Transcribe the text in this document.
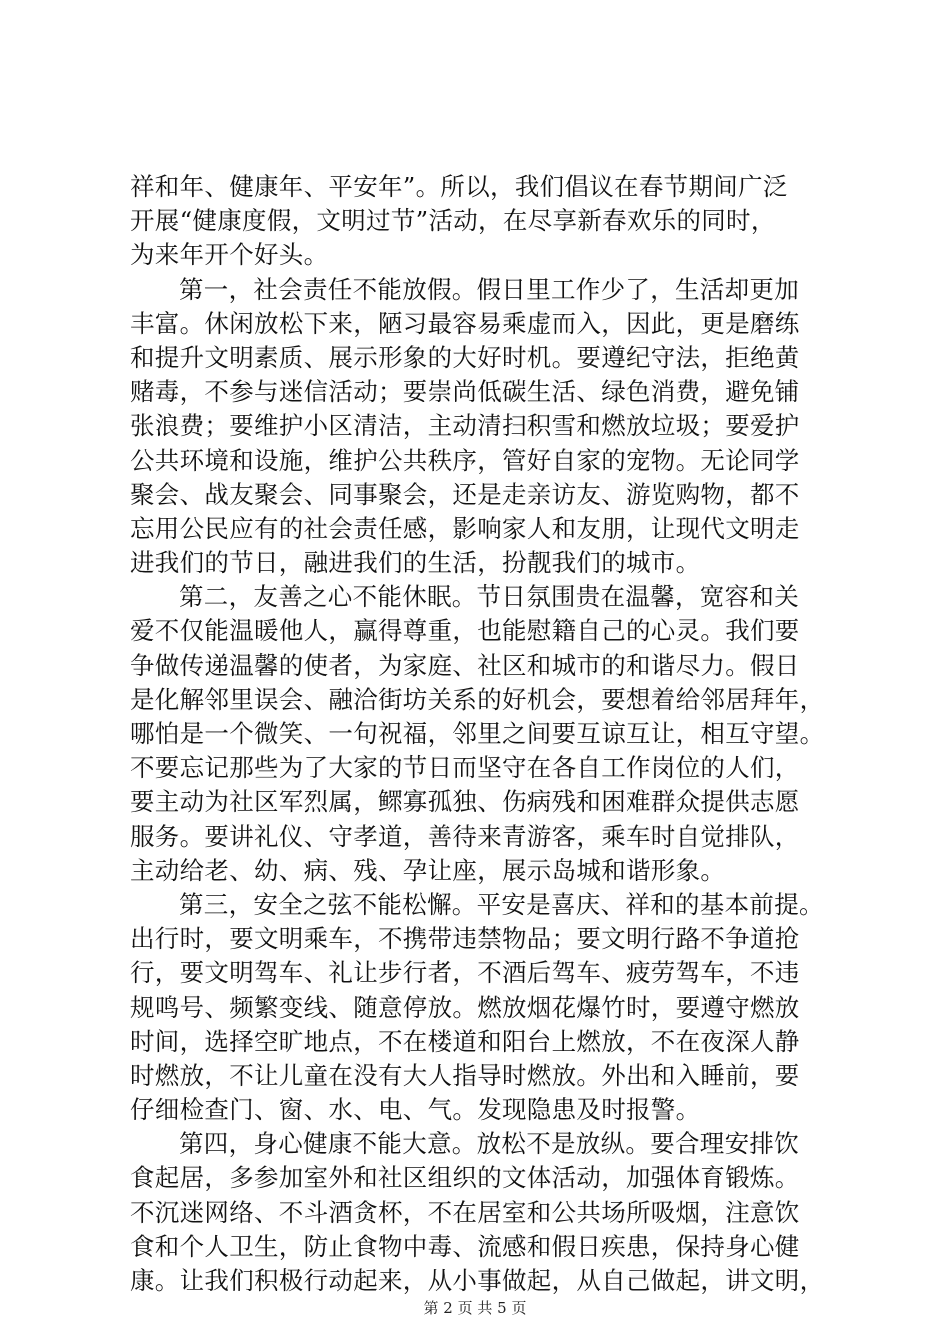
祥和年、健康年、平安年”。所以，我们倡议在春节期间广泛
开展“健康度假，文明过节”活动，在尽享新春欢乐的同时，
为来年开个好头。
第一，社会责任不能放假。假日里工作少了，生活却更加
丰富。休闲放松下来，陋习最容易乘虚而入，因此，更是磨练
和提升文明素质、展示形象的大好时机。要遵纪守法，拒绝黄
赌毒，不参与迷信活动；要崇尚低碳生活、绿色消费，避免铺
张浪费；要维护小区清洁，主动清扫积雪和燃放垃圾；要爱护
公共环境和设施，维护公共秩序，管好自家的宠物。无论同学
聚会、战友聚会、同事聚会，还是走亲访友、游览购物，都不
忘用公民应有的社会责任感，影响家人和友朋，让现代文明走
进我们的节日，融进我们的生活，扮靓我们的城市。
第二，友善之心不能休眠。节日氛围贵在温馨，宽容和关
爱不仅能温暖他人，赢得尊重，也能慰籍自己的心灵。我们要
争做传递温馨的使者，为家庭、社区和城市的和谐尽力。假日
是化解邻里误会、融洽街坊关系的好机会，要想着给邻居拜年，
哪怕是一个微笑、一句祝福，邻里之间要互谅互让，相互守望。
不要忘记那些为了大家的节日而坚守在各自工作岗位的人们，
要主动为社区军烈属，鳏寡孤独、伤病残和困难群众提供志愿
服务。要讲礼仪、守孝道，善待来青游客，乘车时自觉排队，
主动给老、幼、病、残、孕让座，展示岛城和谐形象。
第三，安全之弦不能松懈。平安是喜庆、祥和的基本前提。
出行时，要文明乘车，不携带违禁物品；要文明行路不争道抢
行，要文明驾车、礼让步行者，不酒后驾车、疲劳驾车，不违
规鸣号、频繁变线、随意停放。燃放烟花爆竹时，要遵守燃放
时间，选择空旷地点，不在楼道和阳台上燃放，不在夜深人静
时燃放，不让儿童在没有大人指导时燃放。外出和入睡前，要
仔细检查门、窗、水、电、气。发现隐患及时报警。
第四，身心健康不能大意。放松不是放纵。要合理安排饮
食起居，多参加室外和社区组织的文体活动，加强体育锻炼。
不沉迷网络、不斗酒贪杯，不在居室和公共场所吸烟，注意饮
食和个人卫生，防止食物中毒、流感和假日疾患，保持身心健
康。让我们积极行动起来，从小事做起，从自己做起，讲文明，
第 2 页 共 5 页
